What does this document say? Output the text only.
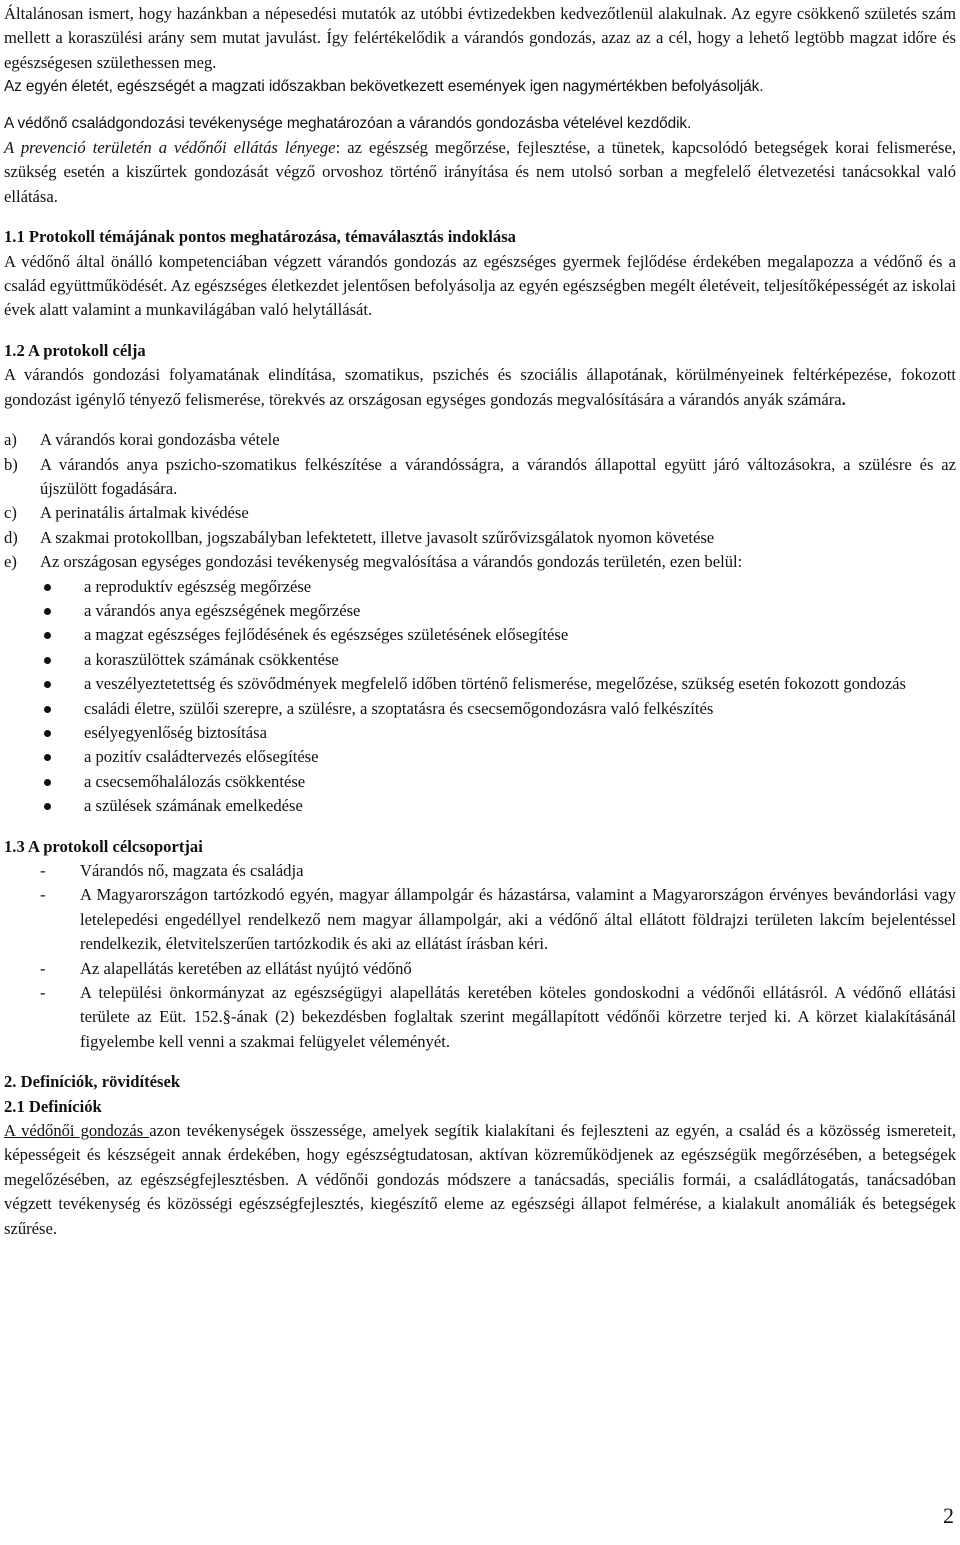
Általánosan ismert, hogy hazánkban a népesedési mutatók az utóbbi évtizedekben kedvezőtlenül alakulnak. Az egyre csökkenő születés szám mellett a koraszülési arány sem mutat javulást. Így felértékelődik a várandós gondozás, azaz az a cél, hogy a lehető legtöbb magzat időre és egészségesen születhessen meg.

Az egyén életét, egészségét a magzati időszakban bekövetkezett események igen nagymértékben befolyásolják.

A védőnő családgondozási tevékenysége meghatározóan a várandós gondozásba vételével kezdődik.

A prevenció területén a védőnői ellátás lényege: az egészség megőrzése, fejlesztése, a tünetek, kapcsolódó betegségek korai felismerése, szükség esetén a kiszűrtek gondozását végző orvoshoz történő irányítása és nem utolsó sorban a megfelelő életvezetési tanácsokkal való ellátása.

1.1 Protokoll témájának pontos meghatározása, témaválasztás indoklása

A védőnő által önálló kompetenciában végzett várandós gondozás az egészséges gyermek fejlődése érdekében megalapozza a védőnő és a család együttműködését. Az egészséges életkezdet jelentősen befolyásolja az egyén egészségben megélt életéveit, teljesítőképességét az iskolai évek alatt valamint a munkavilágában való helytállását.

1.2 A protokoll célja

A várandós gondozási folyamatának elindítása, szomatikus, pszichés és szociális állapotának, körülményeinek feltérképezése, fokozott gondozást igénylő tényező felismerése, törekvés az országosan egységes gondozás megvalósítására a várandós anyák számára.

a) A várandós korai gondozásba vétele
b) A várandós anya pszicho-szomatikus felkészítése a várandósságra, a várandós állapottal együtt járó változásokra, a szülésre és az újszülött fogadására.
c) A perinatális ártalmak kivédése
d) A szakmai protokollban, jogszabályban lefektetett, illetve javasolt szűrővizsgálatok nyomon követése
e) Az országosan egységes gondozási tevékenység megvalósítása a várandós gondozás területén, ezen belül:
a reproduktív egészség megőrzése
a várandós anya egészségének megőrzése
a magzat egészséges fejlődésének és egészséges születésének elősegítése
a koraszülöttek számának csökkentése
a veszélyeztetettség és szövődmények megfelelő időben történő felismerése, megelőzése, szükség esetén fokozott gondozás
családi életre, szülői szerepre, a szülésre, a szoptatásra és csecsemőgondozásra való felkészítés
esélyegyenlőség biztosítása
a pozitív családtervezés elősegítése
a csecsemőhalálozás csökkentése
a szülések számának emelkedése

1.3 A protokoll célcsoportjai

- Várandós nő, magzata és családja
- A Magyarországon tartózkodó egyén, magyar állampolgár és házastársa, valamint a Magyarországon érvényes bevándorlási vagy letelepedési engedéllyel rendelkező nem magyar állampolgár, aki a védőnő által ellátott földrajzi területen lakcím bejelentéssel rendelkezik, életvitelszerűen tartózkodik és aki az ellátást írásban kéri.
- Az alapellátás keretében az ellátást nyújtó védőnő
- A települési önkormányzat az egészségügyi alapellátás keretében köteles gondoskodni a védőnői ellátásról. A védőnő ellátási területe az Eüt. 152.§-ának (2) bekezdésben foglaltak szerint megállapított védőnői körzetre terjed ki. A körzet kialakításánál figyelembe kell venni a szakmai felügyelet véleményét.

2. Definíciók, rövidítések

2.1 Definíciók

A védőnői gondozás azon tevékenységek összessége, amelyek segítik kialakítani és fejleszteni az egyén, a család és a közösség ismereteit, képességeit és készségeit annak érdekében, hogy egészségtudatosan, aktívan közreműködjenek az egészségük megőrzésében, a betegségek megelőzésében, az egészségfejlesztésben. A védőnői gondozás módszere a tanácsadás, speciális formái, a családlátogatás, tanácsadóban végzett tevékenység és közösségi egészségfejlesztés, kiegészítő eleme az egészségi állapot felmérése, a kialakult anomáliák és betegségek szűrése.

2
